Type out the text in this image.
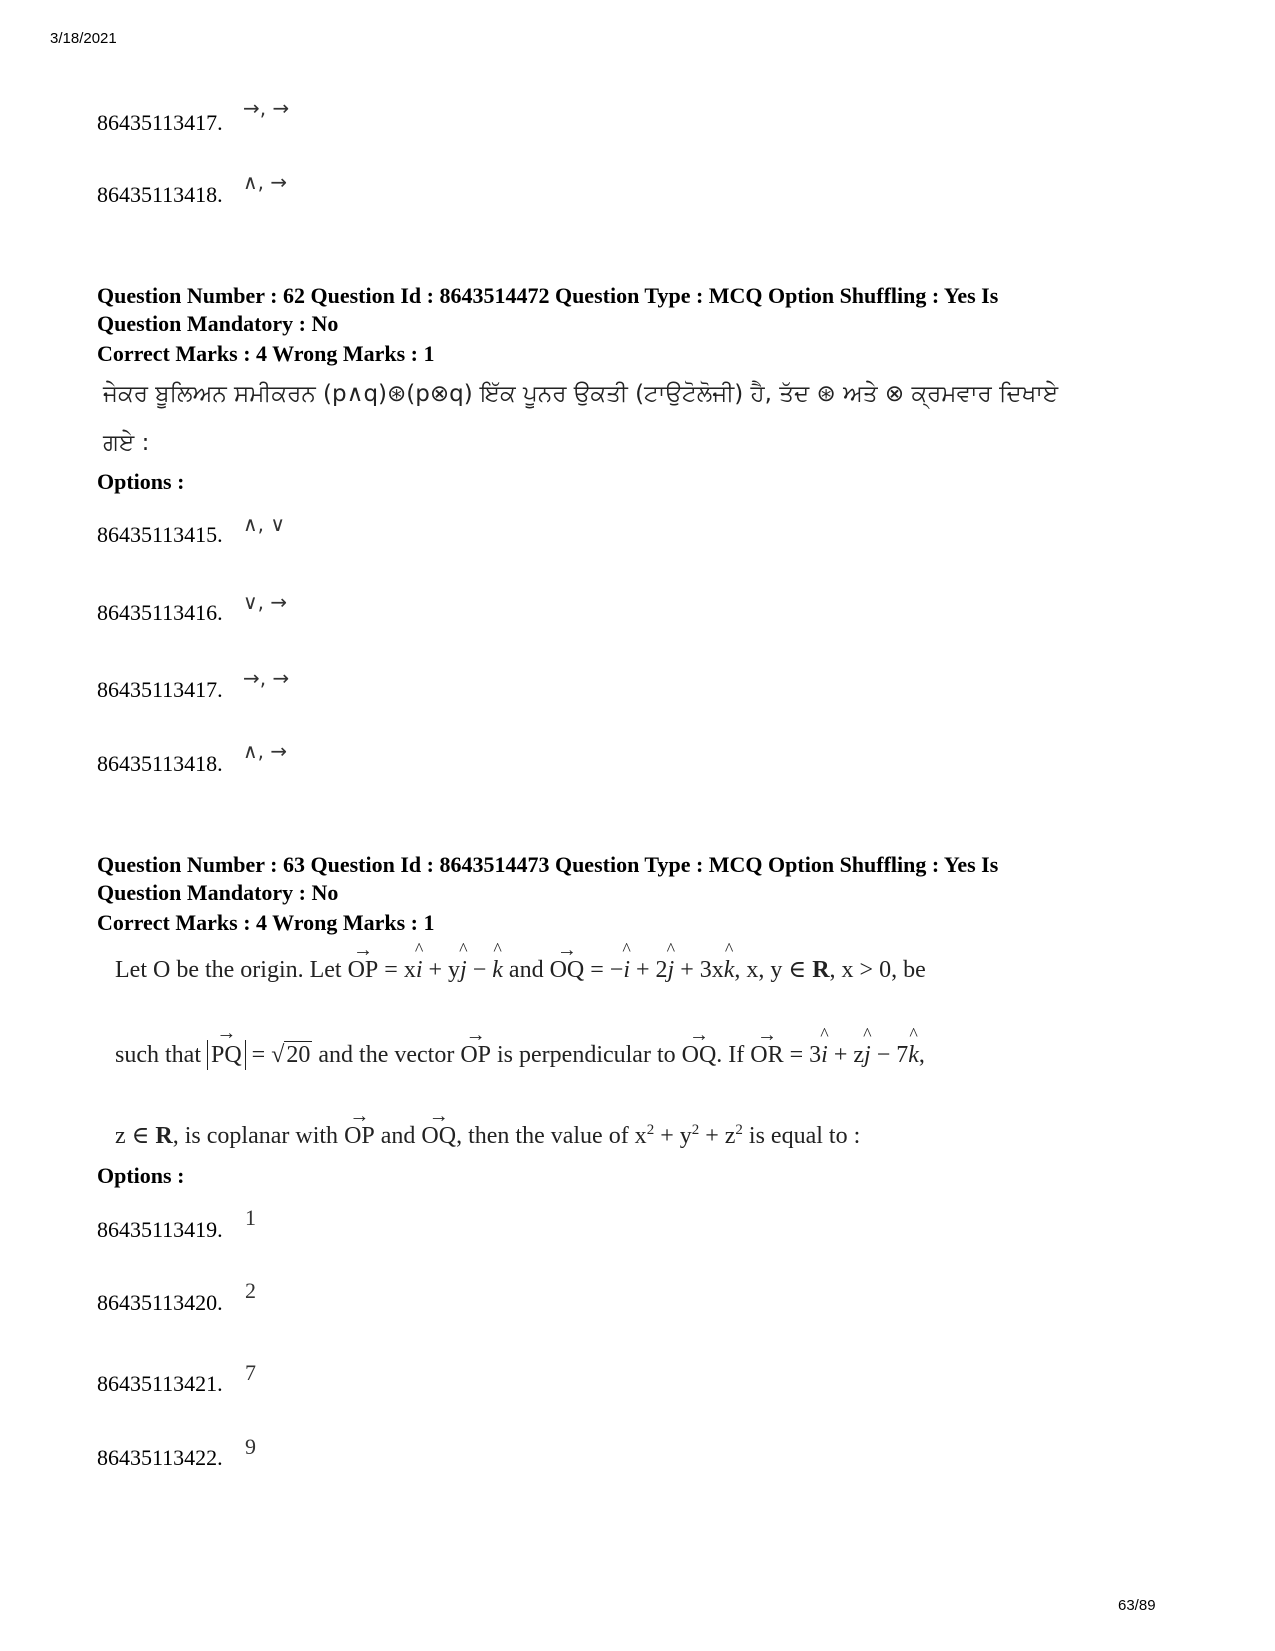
3/18/2021
63/89
86435113417.
→, →
86435113418. ∧, →
Question Number : 62 Question Id : 8643514472 Question Type : MCQ Option Shuffling : Yes Is
Question Mandatory : No
Correct Marks : 4 Wrong Marks : 1
ਜੇਕਰ ਬੂਲਿਅਨ ਸਮੀਕਰਨ (p∧q)⊛(p⊗q) ਇੱਕ ਪੂਨਰ ਉਕਤੀ (ਟਾਉਟੋਲੋਜੀ) ਹੈ, ਤੱਦ ⊛ ਅਤੇ ⊗ ਕ੍ਰਮਵਾਰ ਦਿਖਾਏ
ਗਏ :
Options :
86435113415. ∧, ∨
86435113416. ∨, →
86435113417. →, →
86435113418. ∧, →
Question Number : 63 Question Id : 8643514473 Question Type : MCQ Option Shuffling : Yes Is
Question Mandatory : No
Correct Marks : 4 Wrong Marks : 1
Let O be the origin. Let → OP = x^ i + y^ j − ^ k and → OQ = −^ i + 2^ j + 3x^ k, x, y ∈ R, x > 0, be
such that → PQ = √20 and the vector → OP is perpendicular to → OQ. If → OR = 3^ i + z^ j − 7^ k,
z ∈ R, is coplanar with → OP and → OQ, then the value of $x^2 + y^2 + z^2$ is equal to :
Options :
86435113419. 1
86435113420. 2
86435113421. 7
86435113422. 9
